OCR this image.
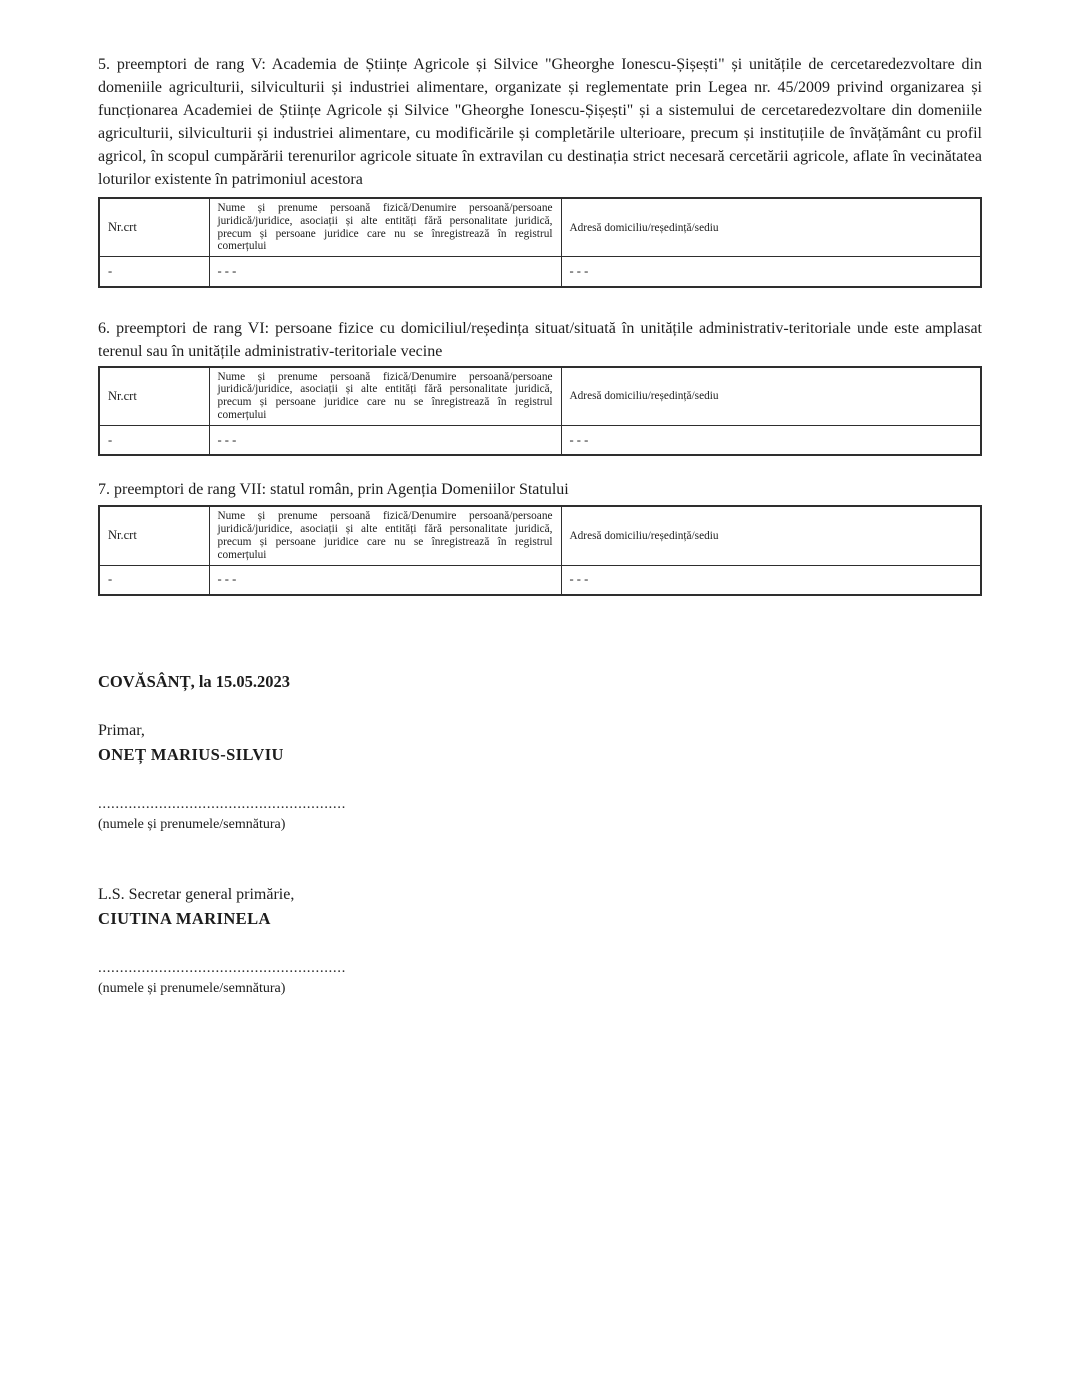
5. preemptori de rang V: Academia de Științe Agricole și Silvice "Gheorghe Ionescu-Șișești" și unitățile de cercetaredezvoltare din domeniile agriculturii, silviculturii și industriei alimentare, organizate și reglementate prin Legea nr. 45/2009 privind organizarea și funcționarea Academiei de Științe Agricole și Silvice "Gheorghe Ionescu-Șișești" și a sistemului de cercetaredezvoltare din domeniile agriculturii, silviculturii și industriei alimentare, cu modificările și completările ulterioare, precum și instituțiile de învățământ cu profil agricol, în scopul cumpărării terenurilor agricole situate în extravilan cu destinația strict necesară cercetării agricole, aflate în vecinătatea loturilor existente în patrimoniul acestora

Nr.crt	Nume și prenume persoană fizică/Denumire persoană/persoane juridică/juridice, asociații și alte entități fără personalitate juridică, precum și persoane juridice care nu se înregistrează în registrul comerțului	Adresă domiciliu/reședință/sediu
-	- - -	- - -

6. preemptori de rang VI: persoane fizice cu domiciliul/reședința situat/situată în unitățile administrativ-teritoriale unde este amplasat terenul sau în unitățile administrativ-teritoriale vecine

Nr.crt	Nume și prenume persoană fizică/Denumire persoană/persoane juridică/juridice, asociații și alte entități fără personalitate juridică, precum și persoane juridice care nu se înregistrează în registrul comerțului	Adresă domiciliu/reședință/sediu
-	- - -	- - -

7. preemptori de rang VII: statul român, prin Agenția Domeniilor Statului

Nr.crt	Nume și prenume persoană fizică/Denumire persoană/persoane juridică/juridice, asociații și alte entități fără personalitate juridică, precum și persoane juridice care nu se înregistrează în registrul comerțului	Adresă domiciliu/reședință/sediu
-	- - -	- - -

COVĂSÂNȚ, la 15.05.2023

Primar,

ONEȚ MARIUS-SILVIU

.........................................................

(numele și prenumele/semnătura)

L.S. Secretar general primărie,

CIUTINA MARINELA

.........................................................

(numele și prenumele/semnătura)
